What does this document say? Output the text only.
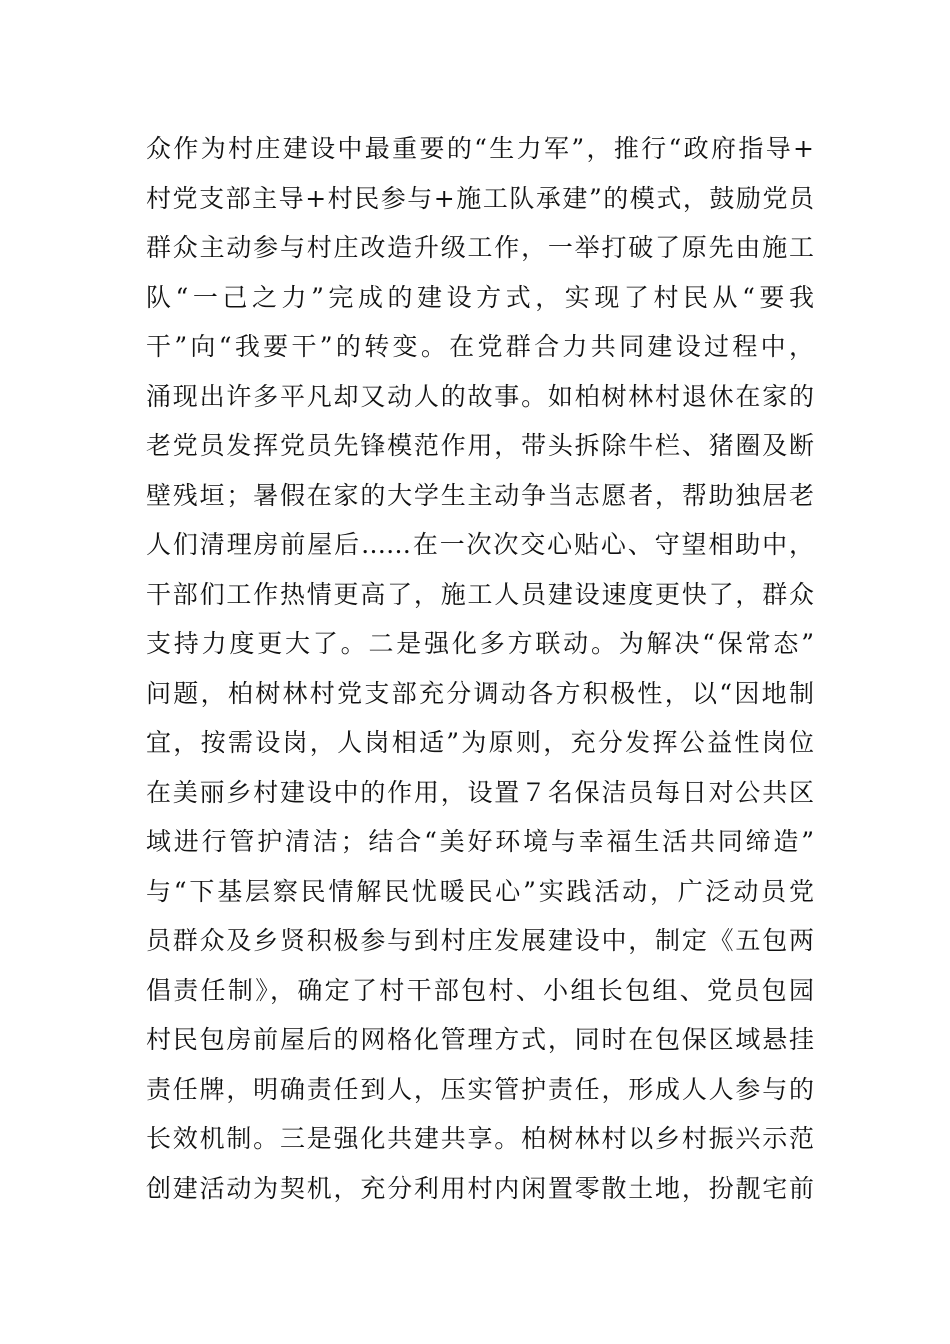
众作为村庄建设中最重要的“生力军”，推行“政府指导+
村党支部主导+村民参与+施工队承建”的模式，鼓励党员
群众主动参与村庄改造升级工作，一举打破了原先由施工
队“一己之力”完成的建设方式，实现了村民从“要我
干”向“我要干”的转变。在党群合力共同建设过程中，
涌现出许多平凡却又动人的故事。如柏树林村退休在家的
老党员发挥党员先锋模范作用，带头拆除牛栏、猪圈及断
壁残垣；暑假在家的大学生主动争当志愿者，帮助独居老
人们清理房前屋后……在一次次交心贴心、守望相助中，
干部们工作热情更高了，施工人员建设速度更快了，群众
支持力度更大了。二是强化多方联动。为解决“保常态”
问题，柏树林村党支部充分调动各方积极性，以“因地制
宜，按需设岗，人岗相适”为原则，充分发挥公益性岗位
在美丽乡村建设中的作用，设置７名保洁员每日对公共区
域进行管护清洁；结合“美好环境与幸福生活共同缔造”
与“下基层察民情解民忧暖民心”实践活动，广泛动员党
员群众及乡贤积极参与到村庄发展建设中，制定《五包两
倡责任制》，确定了村干部包村、小组长包组、党员包园
村民包房前屋后的网格化管理方式，同时在包保区域悬挂
责任牌，明确责任到人，压实管护责任，形成人人参与的
长效机制。三是强化共建共享。柏树林村以乡村振兴示范
创建活动为契机，充分利用村内闲置零散土地，扮靓宅前
